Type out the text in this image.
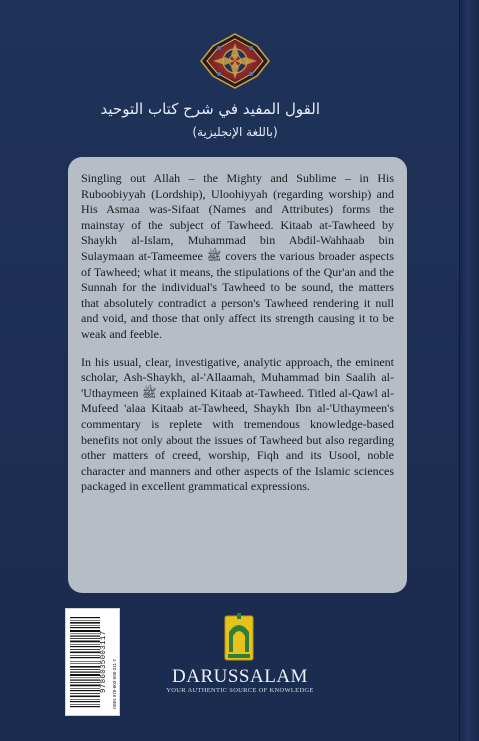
القول المفيد في شرح كتاب التوحيد
(باللغة الإنجليزية)

Singling out Allah – the Mighty and Sublime – in His Ruboobiyyah (Lordship), Uloohiyyah (regarding worship) and His Asmaa was-Sifaat (Names and Attributes) forms the mainstay of the subject of Tawheed. Kitaab at-Tawheed by Shaykh al-Islam, Muhammad bin Abdil-Wahhaab bin Sulaymaan at-Tameemee ﷺ covers the various broader aspects of Tawheed; what it means, the stipulations of the Qur'an and the Sunnah for the individual's Tawheed to be sound, the matters that absolutely contradict a person's Tawheed rendering it null and void, and those that only affect its strength causing it to be weak and feeble.

In his usual, clear, investigative, analytic approach, the eminent scholar, Ash-Shaykh, al-'Allaamah, Muhammad bin Saalih al-'Uthaymeen ﷺ explained Kitaab at-Tawheed. Titled al-Qawl al-Mufeed 'alaa Kitaab at-Tawheed, Shaykh Ibn al-'Uthaymeen's commentary is replete with tremendous knowledge-based benefits not only about the issues of Tawheed but also regarding other matters of creed, worship, Fiqh and its Usool, noble character and manners and other aspects of the Islamic sciences packaged in excellent grammatical expressions.

9786035003117 ISBN 978-603-500-311-7	DARUSSALAM
YOUR AUTHENTIC SOURCE OF KNOWLEDGE
